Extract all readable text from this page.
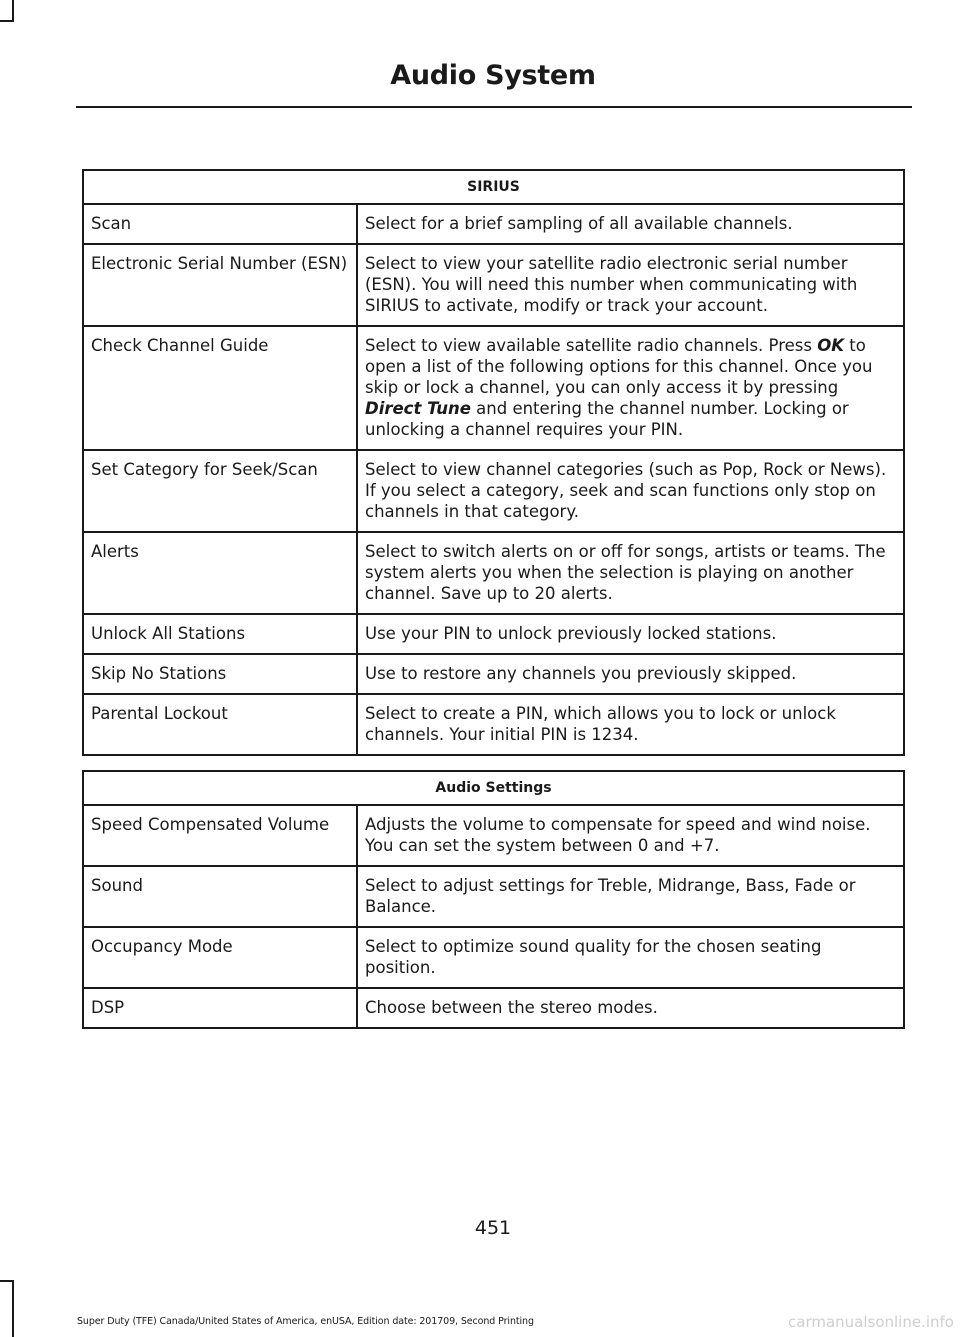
Audio System
SIRIUS	
Scan	Select for a brief sampling of all available channels.
Electronic Serial Number (ESN)	Select to view your satellite radio electronic serial number (ESN). You will need this number when communicating with SIRIUS to activate, modify or track your account.
Check Channel Guide	Select to view available satellite radio channels. Press OK to open a list of the following options for this channel. Once you skip or lock a channel, you can only access it by pressing Direct Tune and entering the channel number. Locking or unlocking a channel requires your PIN.
Set Category for Seek/Scan	Select to view channel categories (such as Pop, Rock or News). If you select a category, seek and scan functions only stop on channels in that category.
Alerts	Select to switch alerts on or off for songs, artists or teams. The system alerts you when the selection is playing on another channel. Save up to 20 alerts.
Unlock All Stations	Use your PIN to unlock previously locked stations.
Skip No Stations	Use to restore any channels you previously skipped.
Parental Lockout	Select to create a PIN, which allows you to lock or unlock channels. Your initial PIN is 1234.
Audio Settings	
Speed Compensated Volume	Adjusts the volume to compensate for speed and wind noise. You can set the system between 0 and +7.
Sound	Select to adjust settings for Treble, Midrange, Bass, Fade or Balance.
Occupancy Mode	Select to optimize sound quality for the chosen seating position.
DSP	Choose between the stereo modes.
451
Super Duty (TFE) Canada/United States of America, enUSA, Edition date: 201709, Second Printing	carmanualsonline.info
